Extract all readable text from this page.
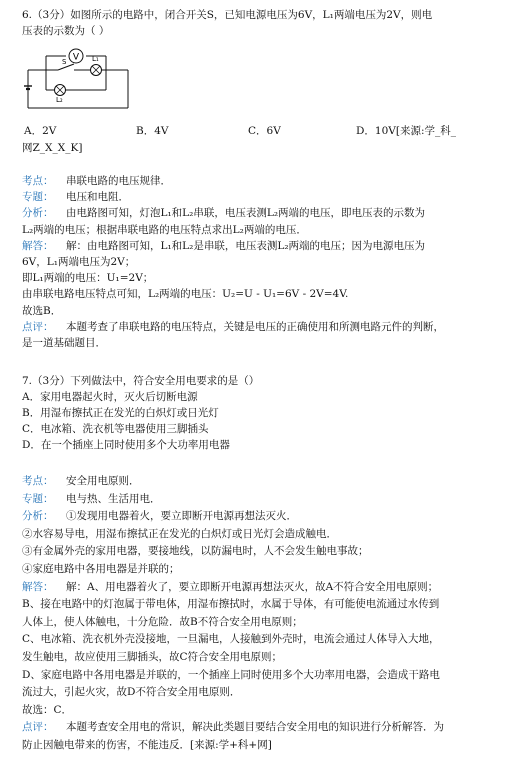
6.（3分）如图所示的电路中，闭合开关S，已知电源电压为6V，L₁两端电压为2V，则电
压表的示数为（ ）
V
S	L₁
L₂
A．2V	B．4V	C．6V	D．10V[来源:学_科_
网Z_X_X_K]
考点： 串联电路的电压规律．
专题： 电压和电阻．
分析： 由电路图可知，灯泡L₁和L₂串联，电压表测L₂两端的电压，即电压表的示数为
L₂两端的电压；根据串联电路的电压特点求出L₂两端的电压．
解答： 解：由电路图可知，L₁和L₂是串联，电压表测L₂两端的电压；因为电源电压为
6V，L₁两端电压为2V；
即L₁两端的电压：U₁=2V；
由串联电路电压特点可知，L₂两端的电压：U₂=U - U₁=6V - 2V=4V.
故选B．
点评： 本题考查了串联电路的电压特点，关键是电压的正确使用和所测电路元件的判断，
是一道基础题目．
7.（3分）下列做法中，符合安全用电要求的是（）
A．家用电器起火时，灭火后切断电源
B．用湿布擦拭正在发光的白炽灯或日光灯
C．电冰箱、洗衣机等电器使用三脚插头
D．在一个插座上同时使用多个大功率用电器
考点： 安全用电原则．
专题： 电与热、生活用电．
分析： ①发现用电器着火，要立即断开电源再想法灭火．
②水容易导电，用湿布擦拭正在发光的白炽灯或日光灯会造成触电．
③有金属外壳的家用电器，要接地线，以防漏电时，人不会发生触电事故；
④家庭电路中各用电器是并联的；
解答： 解：A、用电器着火了，要立即断开电源再想法灭火，故A不符合安全用电原则；
B、接在电路中的灯泡属于带电体，用湿布擦拭时，水属于导体，有可能使电流通过水传到
人体上，使人体触电，十分危险．故B不符合安全用电原则；
C、电冰箱、洗衣机外壳没接地，一旦漏电，人接触到外壳时，电流会通过人体导入大地，
发生触电，故应使用三脚插头，故C符合安全用电原则；
D、家庭电路中各用电器是并联的，一个插座上同时使用多个大功率用电器，会造成干路电
流过大，引起火灾，故D不符合安全用电原则．
故选：C．
点评： 本题考查安全用电的常识，解决此类题目要结合安全用电的知识进行分析解答．为
防止因触电带来的伤害，不能违反．[来源:学+科+网]
